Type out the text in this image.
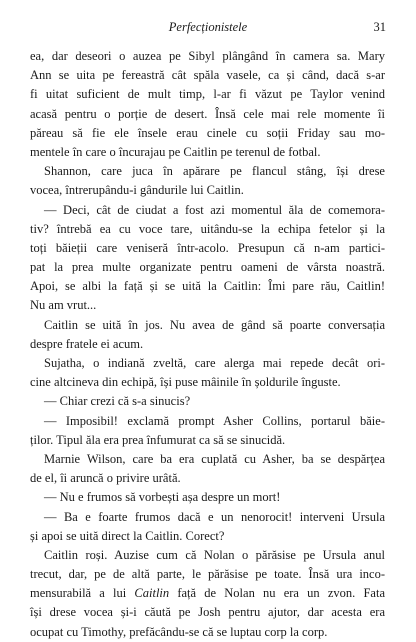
Perfecționistele	31
ea, dar deseori o auzea pe Sibyl plângând în camera sa. Mary
Ann se uita pe fereastră cât spăla vasele, ca și când, dacă s-ar
fi uitat suficient de mult timp, l-ar fi văzut pe Taylor venind
acasă pentru o porție de desert. Însă cele mai rele momente îi
păreau să fie ele însele erau cinele cu soții Friday sau mo-
mentele în care o încurajau pe Caitlin pe terenul de fotbal.
Shannon, care juca în apărare pe flancul stâng, își drese
vocea, întrerupându-i gândurile lui Caitlin.
— Deci, cât de ciudat a fost azi momentul ăla de comemora-
tiv? întrebă ea cu voce tare, uitându-se la echipa fetelor și la
toți băieții care veniseră într-acolo. Presupun că n-am partici-
pat la prea multe organizate pentru oameni de vârsta noastră.
Apoi, se albi la față și se uită la Caitlin: Îmi pare rău, Caitlin!
Nu am vrut...
Caitlin se uită în jos. Nu avea de gând să poarte conversația
despre fratele ei acum.
Sujatha, o indiană zveltă, care alerga mai repede decât ori-
cine altcineva din echipă, își puse mâinile în șoldurile înguste.
— Chiar crezi că s-a sinucis?
— Imposibil! exclamă prompt Asher Collins, portarul băie-
ților. Tipul ăla era prea înfumurat ca să se sinucidă.
Marnie Wilson, care ba era cuplată cu Asher, ba se despărțea
de el, îi aruncă o privire urâtă.
— Nu e frumos să vorbești așa despre un mort!
— Ba e foarte frumos dacă e un nenorocit! interveni Ursula
și apoi se uită direct la Caitlin. Corect?
Caitlin roși. Auzise cum că Nolan o părăsise pe Ursula anul
trecut, dar, pe de altă parte, le părăsise pe toate. Însă ura inco-
mensurabilă a lui Caitlin față de Nolan nu era un zvon. Fata
își drese vocea și-i căută pe Josh pentru ajutor, dar acesta era
ocupat cu Timothy, prefăcându-se că se luptau corp la corp.
